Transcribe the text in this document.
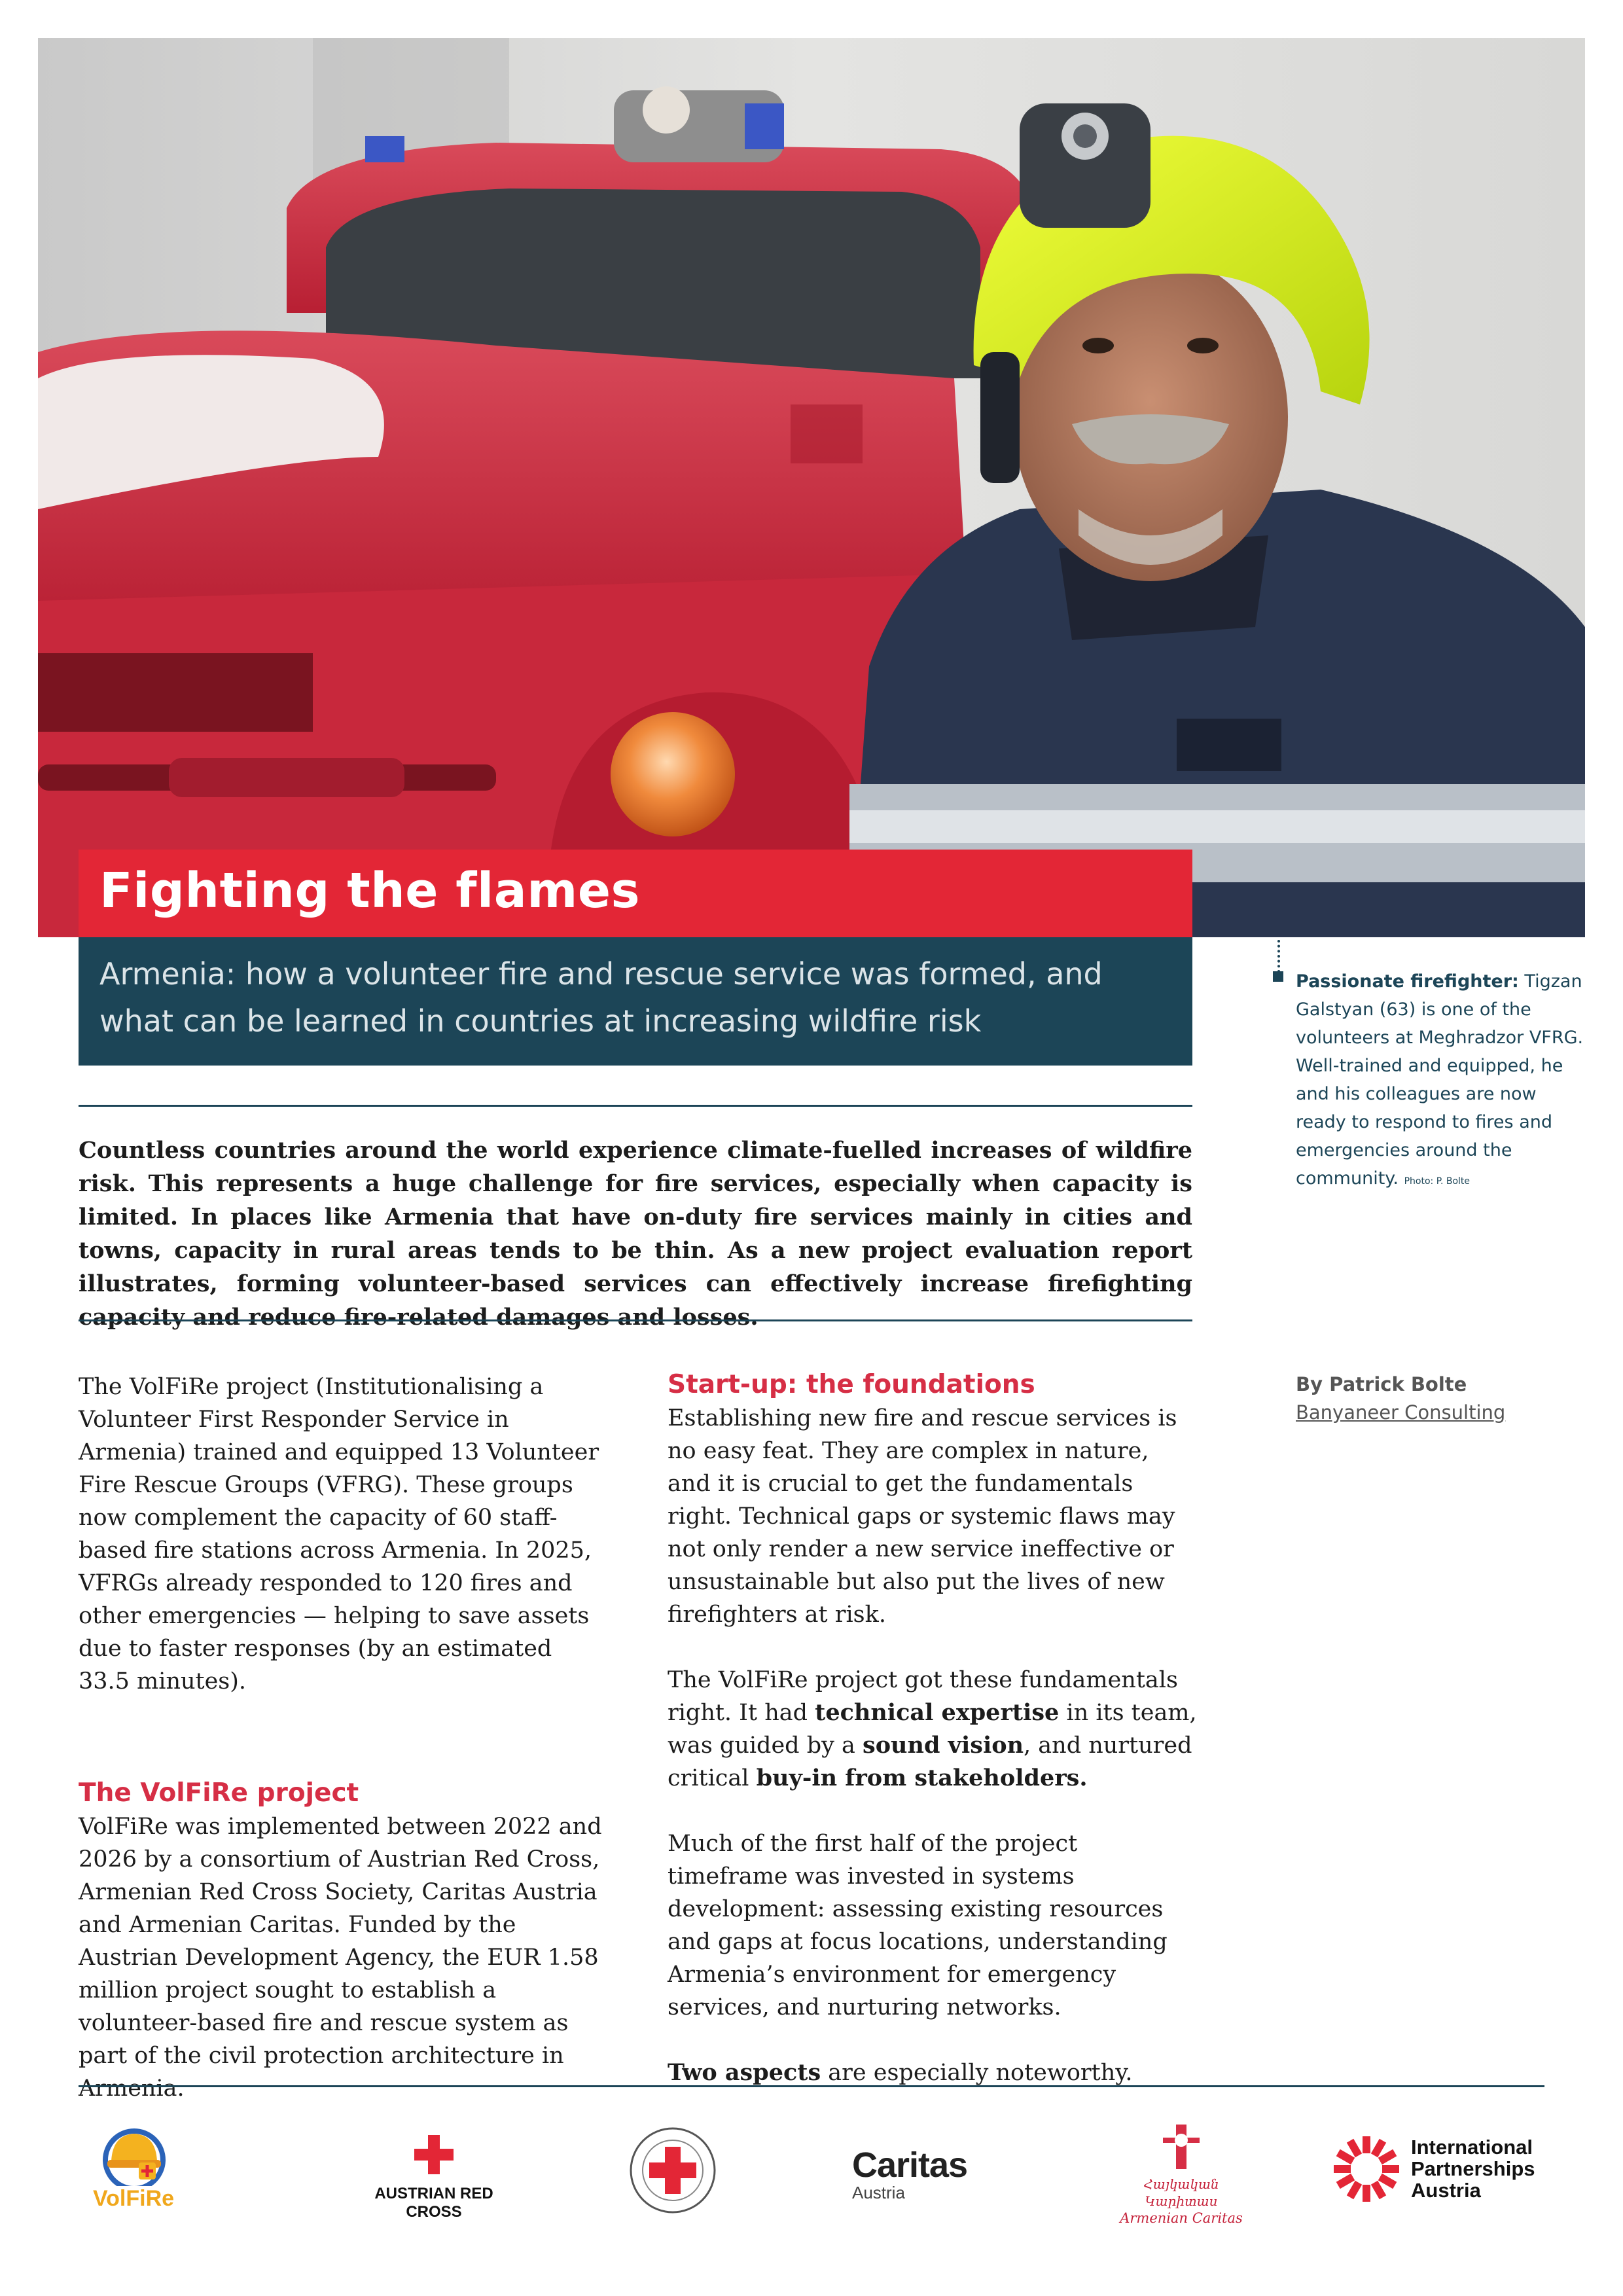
Fighting the flames
Armenia: how a volunteer fire and rescue service was formed, and what can be learned in countries at increasing wildfire risk
Passionate firefighter: Tigzan Galstyan (63) is one of the volunteers at Meghradzor VFRG. Well-trained and equipped, he and his colleagues are now ready to respond to fires and emergencies around the community. Photo: P. Bolte
Countless countries around the world experience climate-fuelled increases of wildfire risk. This represents a huge challenge for fire services, especially when capacity is limited. In places like Armenia that have on-duty fire services mainly in cities and towns, capacity in rural areas tends to be thin. As a new project evaluation report illustrates, forming volunteer-based services can effectively increase firefighting capacity and reduce fire-related damages and losses.

The VolFiRe project (Institutionalising a Volunteer First Responder Service in Armenia) trained and equipped 13 Volunteer Fire Rescue Groups (VFRG). These groups now complement the capacity of 60 staff-based fire stations across Armenia. In 2025, VFRGs already responded to 120 fires and other emergencies — helping to save assets due to faster responses (by an estimated 33.5 minutes).

The VolFiRe project

VolFiRe was implemented between 2022 and 2026 by a consortium of Austrian Red Cross, Armenian Red Cross Society, Caritas Austria and Armenian Caritas. Funded by the Austrian Development Agency, the EUR 1.58 million project sought to establish a volunteer-based fire and rescue system as part of the civil protection architecture in Armenia.

Start-up: the foundations

Establishing new fire and rescue services is no easy feat. They are complex in nature, and it is crucial to get the fundamentals right. Technical gaps or systemic flaws may not only render a new service ineffective or unsustainable but also put the lives of new firefighters at risk.

The VolFiRe project got these fundamentals right. It had technical expertise in its team, was guided by a sound vision, and nurtured critical buy-in from stakeholders.

Much of the first half of the project timeframe was invested in systems development: assessing existing resources and gaps at focus locations, understanding Armenia’s environment for emergency services, and nurturing networks.

Two aspects are especially noteworthy.

By Patrick Bolte
Banyaneer Consulting
VolFiRe	AUSTRIAN RED CROSS
Caritas
Austria	Հայկական Կարիտաս
Armenian Caritas
International
Partnerships
Austria
